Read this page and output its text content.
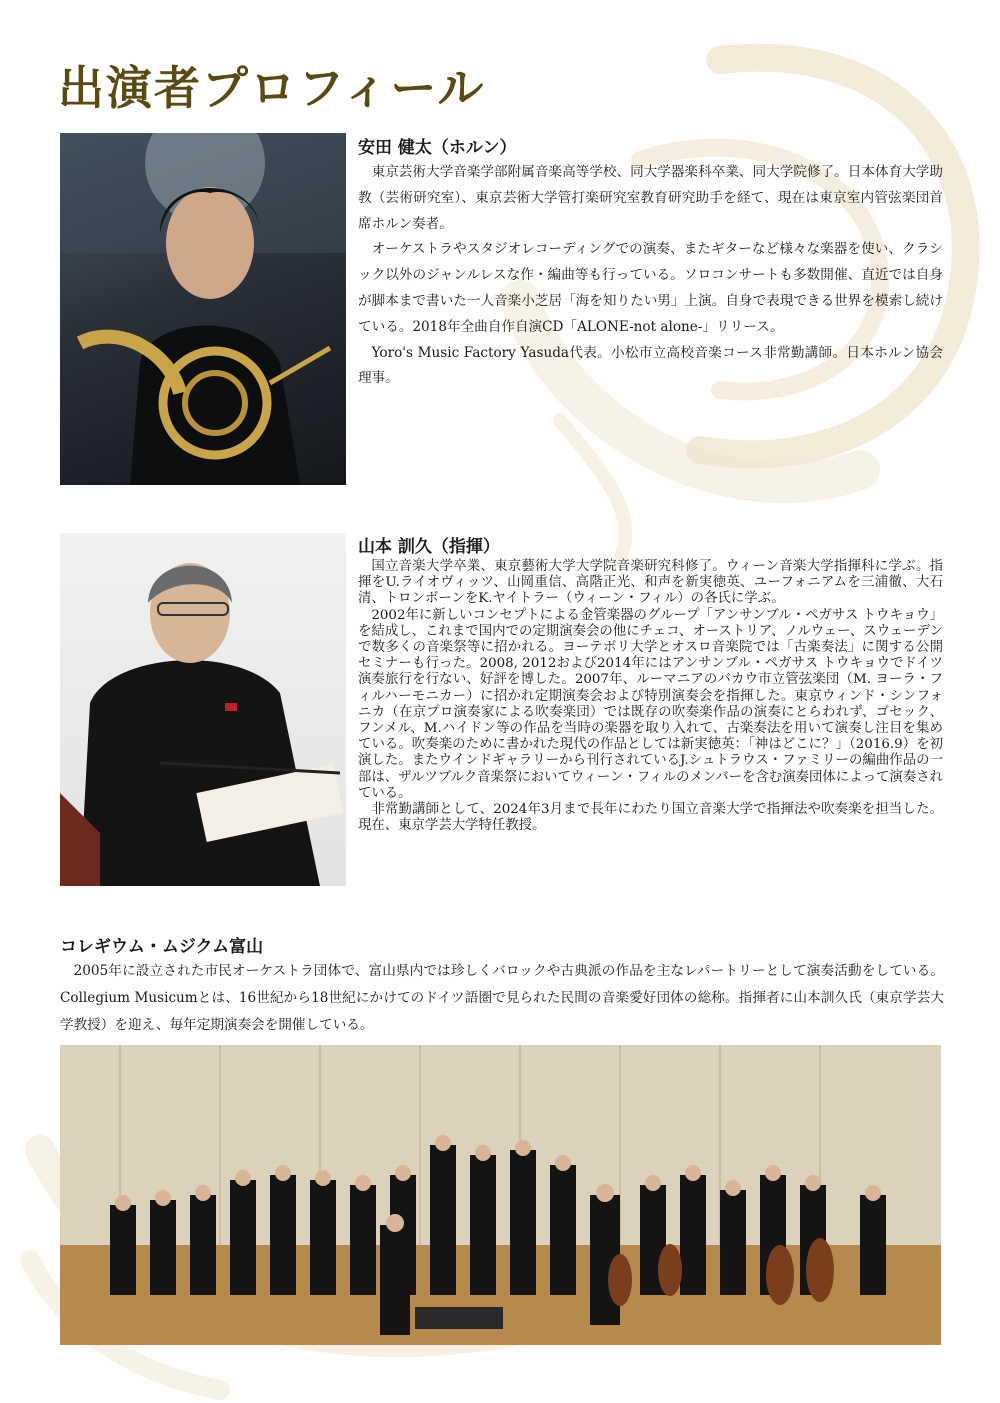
出演者プロフィール
安田 健太（ホルン）

東京芸術大学音楽学部附属音楽高等学校、同大学器楽科卒業、同大学院修了。日本体育大学助教（芸術研究室）、東京芸術大学管打楽研究室教育研究助手を経て、現在は東京室内管弦楽団首席ホルン奏者。

オーケストラやスタジオレコーディングでの演奏、またギターなど様々な楽器を使い、クラシック以外のジャンルレスな作・編曲等も行っている。ソロコンサートも多数開催、直近では自身が脚本まで書いた一人音楽小芝居「海を知りたい男」上演。自身で表現できる世界を模索し続けている。2018年全曲自作自演CD「ALONE-not alone-」リリース。

Yoro's Music Factory Yasuda代表。小松市立高校音楽コース非常勤講師。日本ホルン協会理事。

山本 訓久（指揮）

国立音楽大学卒業、東京藝術大学大学院音楽研究科修了。ウィーン音楽大学指揮科に学ぶ。指揮をU.ライオヴィッツ、山岡重信、高階正光、和声を新実徳英、ユーフォニアムを三浦徹、大石清、トロンボーンをK.ヤイトラー（ウィーン・フィル）の各氏に学ぶ。

2002年に新しいコンセプトによる金管楽器のグループ「アンサンブル・ペガサス トウキョウ」を結成し、これまで国内での定期演奏会の他にチェコ、オーストリア、ノルウェー、スウェーデンで数多くの音楽祭等に招かれる。ヨーテボリ大学とオスロ音楽院では「古楽奏法」に関する公開セミナーも行った。2008, 2012および2014年にはアンサンブル・ペガサス トウキョウでドイツ演奏旅行を行ない、好評を博した。2007年、ルーマニアのバカウ市立管弦楽団（M. ヨーラ・フィルハーモニカー）に招かれ定期演奏会および特別演奏会を指揮した。東京ウィンド・シンフォニカ（在京プロ演奏家による吹奏楽団）では既存の吹奏楽作品の演奏にとらわれず、ゴセック、フンメル、M.ハイドン等の作品を当時の楽器を取り入れて、古楽奏法を用いて演奏し注目を集めている。吹奏楽のために書かれた現代の作品としては新実徳英：「神はどこに？」（2016.9）を初演した。またウインドギャラリーから刊行されているJ.シュトラウス・ファミリーの編曲作品の一部は、ザルツブルク音楽祭においてウィーン・フィルのメンバーを含む演奏団体によって演奏されている。

非常勤講師として、2024年3月まで長年にわたり国立音楽大学で指揮法や吹奏楽を担当した。現在、東京学芸大学特任教授。

コレギウム・ムジクム富山

2005年に設立された市民オーケストラ団体で、富山県内では珍しくバロックや古典派の作品を主なレパートリーとして演奏活動をしている。Collegium Musicumとは、16世紀から18世紀にかけてのドイツ語圏で見られた民間の音楽愛好団体の総称。指揮者に山本訓久氏（東京学芸大学教授）を迎え、毎年定期演奏会を開催している。
